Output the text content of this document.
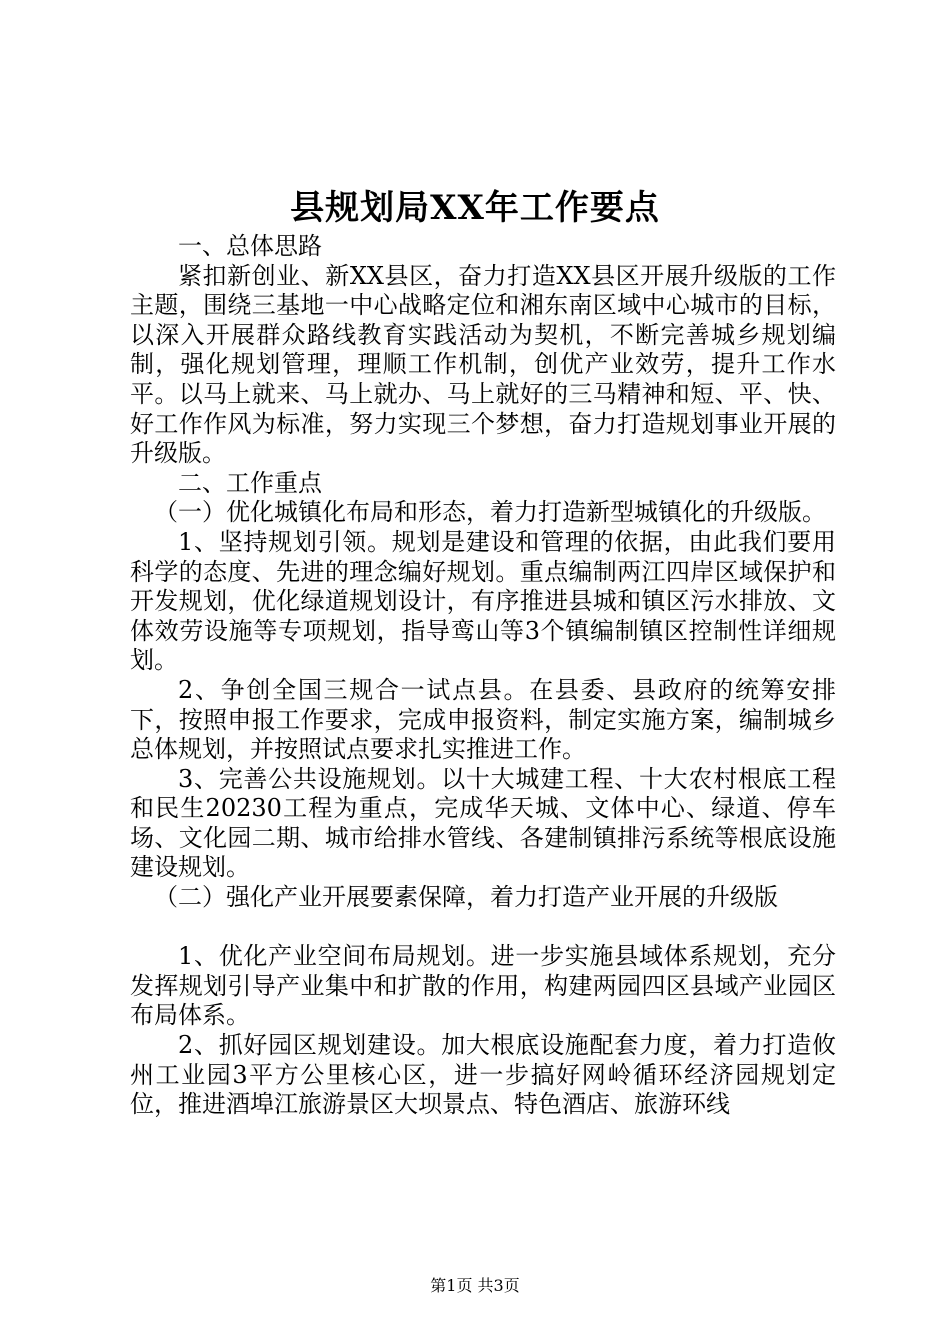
县规划局XX年工作要点

一、总体思路

紧扣新创业、新XX县区，奋力打造XX县区开展升级版的工作主题，围绕三基地一中心战略定位和湘东南区域中心城市的目标，以深入开展群众路线教育实践活动为契机，不断完善城乡规划编制，强化规划管理，理顺工作机制，创优产业效劳，提升工作水平。以马上就来、马上就办、马上就好的三马精神和短、平、快、好工作作风为标准，努力实现三个梦想，奋力打造规划事业开展的升级版。

二、工作重点

（一）优化城镇化布局和形态，着力打造新型城镇化的升级版。

1、坚持规划引领。规划是建设和管理的依据，由此我们要用科学的态度、先进的理念编好规划。重点编制两江四岸区域保护和开发规划，优化绿道规划设计，有序推进县城和镇区污水排放、文体效劳设施等专项规划，指导鸾山等3个镇编制镇区控制性详细规划。

2、争创全国三规合一试点县。在县委、县政府的统筹安排下，按照申报工作要求，完成申报资料，制定实施方案，编制城乡总体规划，并按照试点要求扎实推进工作。

3、完善公共设施规划。以十大城建工程、十大农村根底工程和民生20230工程为重点，完成华天城、文体中心、绿道、停车场、文化园二期、城市给排水管线、各建制镇排污系统等根底设施建设规划。

（二）强化产业开展要素保障，着力打造产业开展的升级版

1、优化产业空间布局规划。进一步实施县域体系规划，充分发挥规划引导产业集中和扩散的作用，构建两园四区县域产业园区布局体系。

2、抓好园区规划建设。加大根底设施配套力度，着力打造攸州工业园3平方公里核心区，进一步搞好网岭循环经济园规划定位，推进酒埠江旅游景区大坝景点、特色酒店、旅游环线

第1页 共3页
